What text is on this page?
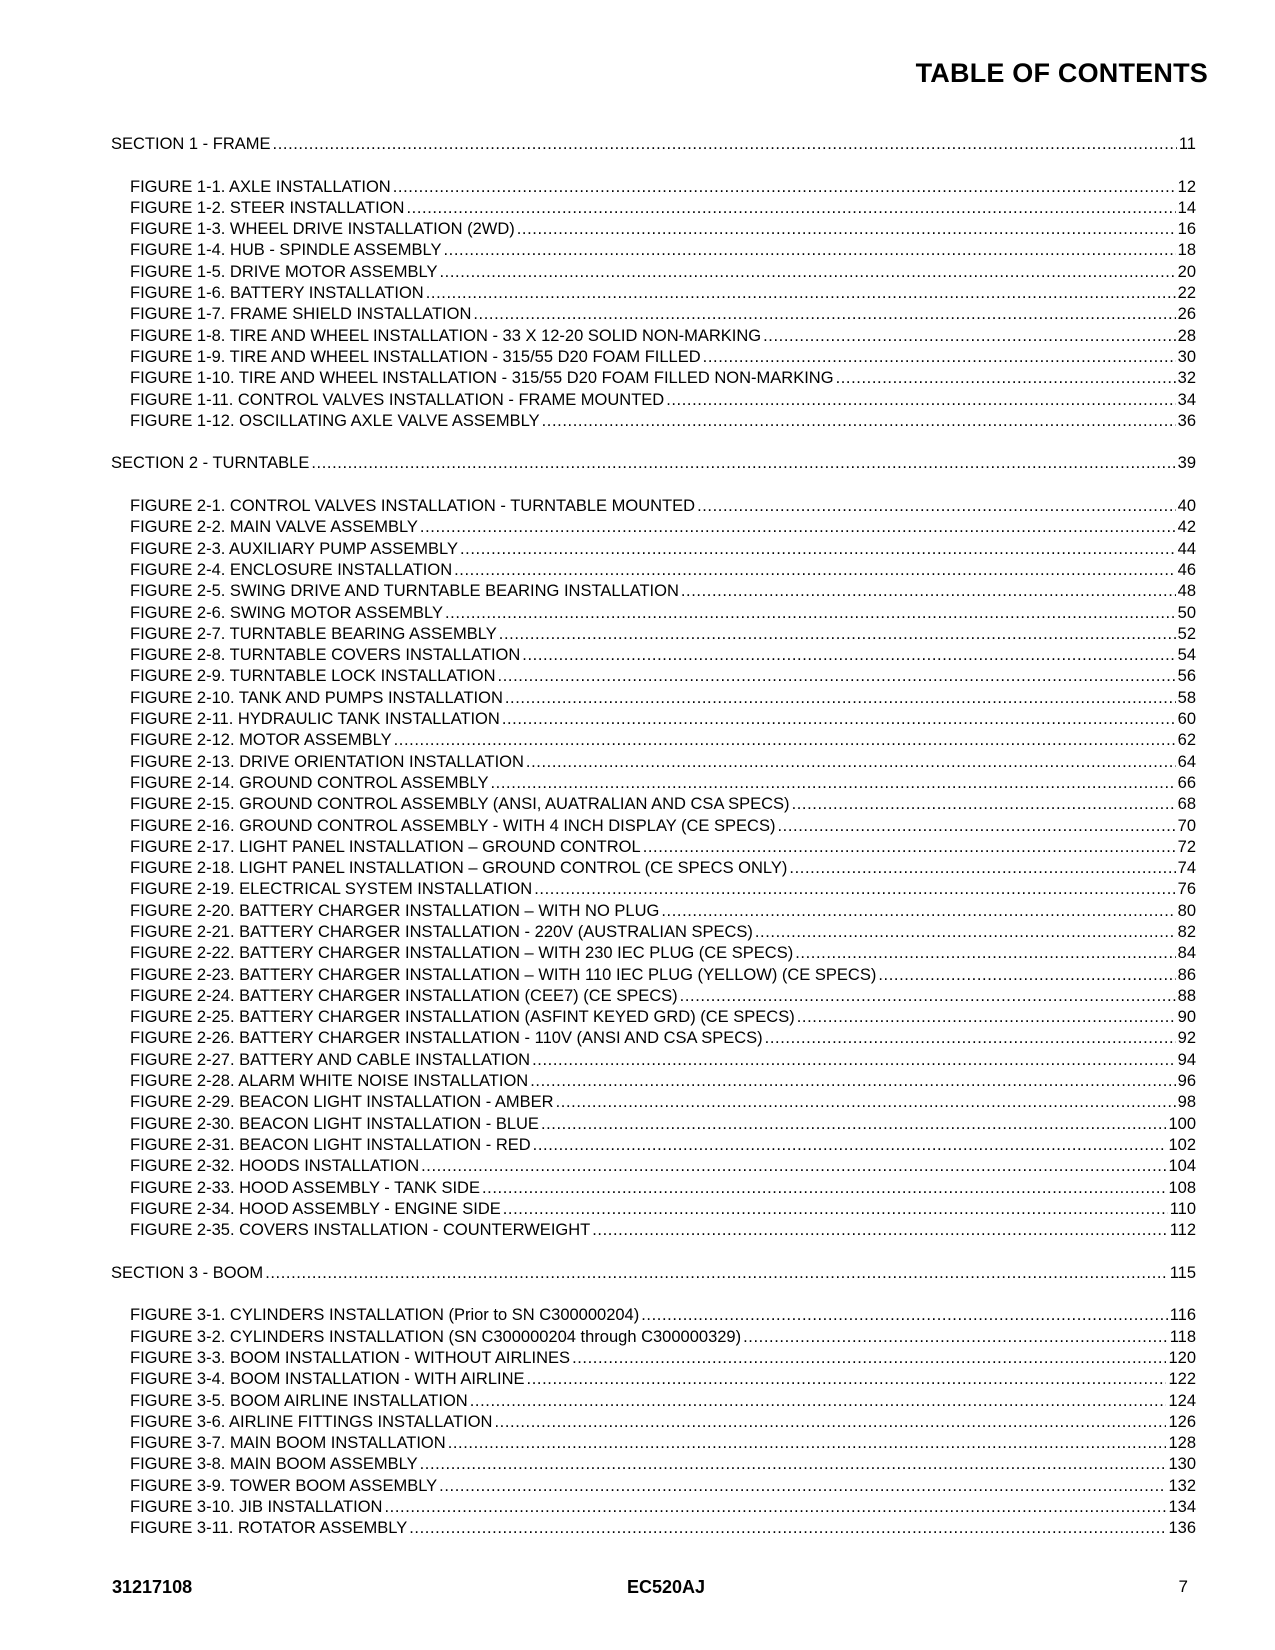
TABLE OF CONTENTS
SECTION 1 - FRAME .....	11
FIGURE 1-1. AXLE INSTALLATION .....	12
FIGURE 1-2. STEER INSTALLATION .....	14
FIGURE 1-3. WHEEL DRIVE INSTALLATION (2WD) .....	16
FIGURE 1-4. HUB - SPINDLE ASSEMBLY .....	18
FIGURE 1-5. DRIVE MOTOR ASSEMBLY .....	20
FIGURE 1-6. BATTERY INSTALLATION .....	22
FIGURE 1-7. FRAME SHIELD INSTALLATION .....	26
FIGURE 1-8. TIRE AND WHEEL INSTALLATION - 33 X 12-20 SOLID NON-MARKING .....	28
FIGURE 1-9. TIRE AND WHEEL INSTALLATION - 315/55 D20 FOAM FILLED .....	30
FIGURE 1-10. TIRE AND WHEEL INSTALLATION - 315/55 D20 FOAM FILLED NON-MARKING .....	32
FIGURE 1-11. CONTROL VALVES INSTALLATION - FRAME MOUNTED .....	34
FIGURE 1-12. OSCILLATING AXLE VALVE ASSEMBLY .....	36
SECTION 2 - TURNTABLE .....	39
FIGURE 2-1. CONTROL VALVES INSTALLATION - TURNTABLE MOUNTED .....	40
FIGURE 2-2. MAIN VALVE ASSEMBLY .....	42
FIGURE 2-3. AUXILIARY PUMP ASSEMBLY .....	44
FIGURE 2-4. ENCLOSURE INSTALLATION .....	46
FIGURE 2-5. SWING DRIVE AND TURNTABLE BEARING INSTALLATION .....	48
FIGURE 2-6. SWING MOTOR ASSEMBLY .....	50
FIGURE 2-7. TURNTABLE BEARING ASSEMBLY .....	52
FIGURE 2-8. TURNTABLE COVERS INSTALLATION .....	54
FIGURE 2-9. TURNTABLE LOCK INSTALLATION .....	56
FIGURE 2-10. TANK AND PUMPS INSTALLATION .....	58
FIGURE 2-11. HYDRAULIC TANK INSTALLATION .....	60
FIGURE 2-12. MOTOR ASSEMBLY .....	62
FIGURE 2-13. DRIVE ORIENTATION INSTALLATION .....	64
FIGURE 2-14. GROUND CONTROL ASSEMBLY .....	66
FIGURE 2-15. GROUND CONTROL ASSEMBLY (ANSI, AUATRALIAN AND CSA SPECS) .....	68
FIGURE 2-16. GROUND CONTROL ASSEMBLY - WITH 4 INCH DISPLAY (CE SPECS) .....	70
FIGURE 2-17. LIGHT PANEL INSTALLATION – GROUND CONTROL .....	72
FIGURE 2-18. LIGHT PANEL INSTALLATION – GROUND CONTROL (CE SPECS ONLY) .....	74
FIGURE 2-19. ELECTRICAL SYSTEM INSTALLATION .....	76
FIGURE 2-20. BATTERY CHARGER INSTALLATION – WITH NO PLUG .....	80
FIGURE 2-21. BATTERY CHARGER INSTALLATION - 220V (AUSTRALIAN SPECS) .....	82
FIGURE 2-22. BATTERY CHARGER INSTALLATION – WITH 230 IEC PLUG (CE SPECS) .....	84
FIGURE 2-23. BATTERY CHARGER INSTALLATION – WITH 110 IEC PLUG (YELLOW) (CE SPECS) .....	86
FIGURE 2-24. BATTERY CHARGER INSTALLATION (CEE7) (CE SPECS) .....	88
FIGURE 2-25. BATTERY CHARGER INSTALLATION (ASFINT KEYED GRD) (CE SPECS) .....	90
FIGURE 2-26. BATTERY CHARGER INSTALLATION - 110V (ANSI AND CSA SPECS) .....	92
FIGURE 2-27. BATTERY AND CABLE INSTALLATION .....	94
FIGURE 2-28. ALARM WHITE NOISE INSTALLATION .....	96
FIGURE 2-29. BEACON LIGHT INSTALLATION - AMBER .....	98
FIGURE 2-30. BEACON LIGHT INSTALLATION - BLUE .....	100
FIGURE 2-31. BEACON LIGHT INSTALLATION - RED .....	102
FIGURE 2-32. HOODS INSTALLATION .....	104
FIGURE 2-33. HOOD ASSEMBLY - TANK SIDE .....	108
FIGURE 2-34. HOOD ASSEMBLY - ENGINE SIDE .....	110
FIGURE 2-35. COVERS INSTALLATION - COUNTERWEIGHT .....	112
SECTION 3 - BOOM .....	115
FIGURE 3-1. CYLINDERS INSTALLATION (Prior to SN C300000204) .....	116
FIGURE 3-2. CYLINDERS INSTALLATION (SN C300000204 through C300000329) .....	118
FIGURE 3-3. BOOM INSTALLATION - WITHOUT AIRLINES .....	120
FIGURE 3-4. BOOM INSTALLATION - WITH AIRLINE .....	122
FIGURE 3-5. BOOM AIRLINE INSTALLATION .....	124
FIGURE 3-6. AIRLINE FITTINGS INSTALLATION .....	126
FIGURE 3-7. MAIN BOOM INSTALLATION .....	128
FIGURE 3-8. MAIN BOOM ASSEMBLY .....	130
FIGURE 3-9. TOWER BOOM ASSEMBLY .....	132
FIGURE 3-10. JIB INSTALLATION .....	134
FIGURE 3-11. ROTATOR ASSEMBLY .....	136
31217108	EC520AJ	7
